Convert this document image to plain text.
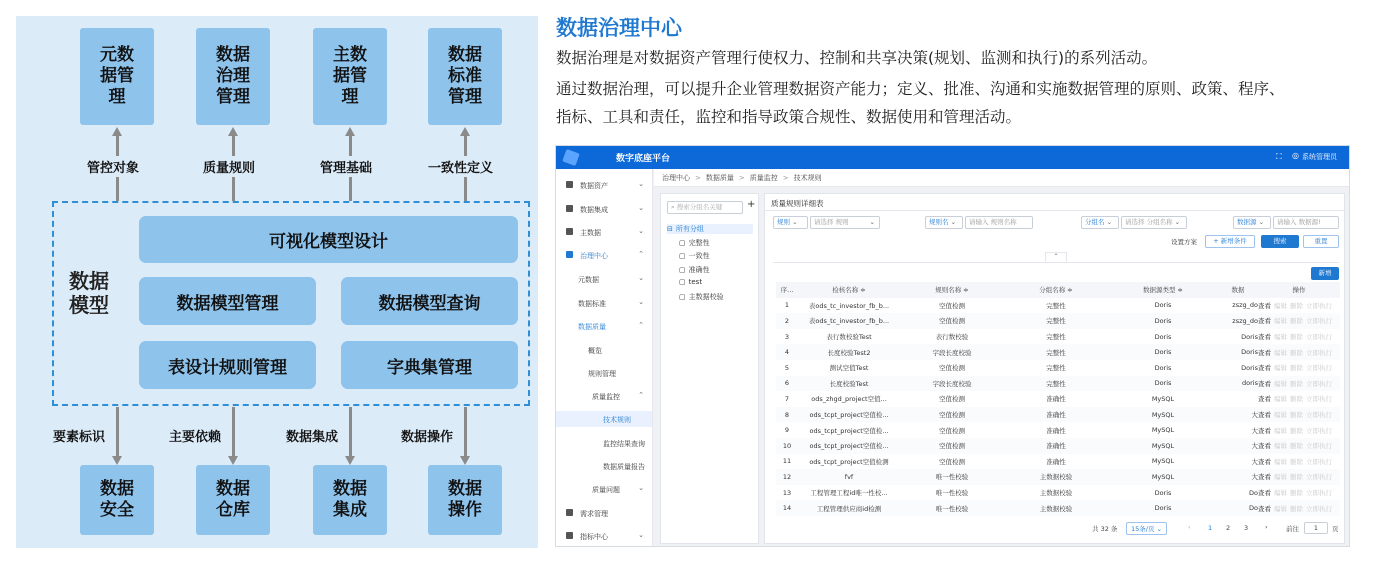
元数
据管
理
管控对象
数据
治理
管理
质量规则
主数
据管
理
管理基础
数据
标准
管理
一致性定义
要素标识
数据
安全
主要依赖
数据
仓库
数据集成
数据
集成
数据操作
数据
操作
数据
模型
可视化模型设计
数据模型管理	数据模型查询
表设计规则管理	字典集管理
数据治理中心
数据治理是对数据资产管理行使权力、控制和共享决策(规划、监测和执行)的系列活动。
通过数据治理，可以提升企业管理数据资产能力；定义、批准、沟通和实施数据管理的原则、政策、程序、
指标、工具和责任，监控和指导政策合规性、数据使用和管理活动。
数字底座平台	⛶ ◎ 系统管理员
数据资产	⌄
数据集成	⌄
主数据	⌄
治理中心	⌃
元数据	⌄
数据标准	⌄
数据质量	⌃
概览
规则管理
质量监控	⌃
技术规则
监控结果查询
数据质量报告
质量问题	⌄
需求管理
指标中心	⌄
治理中心 > 数据质量 > 质量监控 > 技术规则
⌕ 搜索分组名关键	+
⊟ 所有分组
▢ 完整性
▢ 一致性
▢ 准确性
▢ test
▢ 主数据校验
质量规则详细表
规则 ⌄	请选择 规则	⌄	规则名 ⌄	请输入 规则名称	分组名 ⌄	请选择 分组名称 ⌄	数据源 ⌄	请输入 数据源!
设置方案	+ 新增条件	搜索	重置
⌃
新增
序...	检核名称 ≑	规则名称 ≑	分组名称 ≑	数据源类型 ≑	数据	操作
1	表ods_tc_investor_fb_b...	空值检测	完整性	Doris	zszg_do	查看 编辑 删除 立即执行
2	表ods_tc_investor_fb_b...	空值检测	完整性	Doris	zszg_do	查看 编辑 删除 立即执行
3	表行数校验Test	表行数校验	完整性	Doris	Doris	查看 编辑 删除 立即执行
4	长度校验Test2	字段长度校验	完整性	Doris	Doris	查看 编辑 删除 立即执行
5	测试空值Test	空值检测	完整性	Doris	Doris	查看 编辑 删除 立即执行
6	长度校验Test	字段长度校验	完整性	Doris	doris	查看 编辑 删除 立即执行
7	ods_zhgd_project空值...	空值检测	准确性	MySQL		查看 编辑 删除 立即执行
8	ods_tcpt_project空值检...	空值检测	准确性	MySQL	大	查看 编辑 删除 立即执行
9	ods_tcpt_project空值检...	空值检测	准确性	MySQL	大	查看 编辑 删除 立即执行
10	ods_tcpt_project空值检...	空值检测	准确性	MySQL	大	查看 编辑 删除 立即执行
11	ods_tcpt_project空值检测	空值检测	准确性	MySQL	大	查看 编辑 删除 立即执行
12	fvf	唯一性校验	主数据校验	MySQL	大	查看 编辑 删除 立即执行
13	工程管理工程id唯一性校...	唯一性校验	主数据校验	Doris	Do	查看 编辑 删除 立即执行
14	工程管理供应商id检测	唯一性校验	主数据校验	Doris	Do	查看 编辑 删除 立即执行
共 32 条	15条/页 ⌄	‹	1 2 3	›	前往	1	页
